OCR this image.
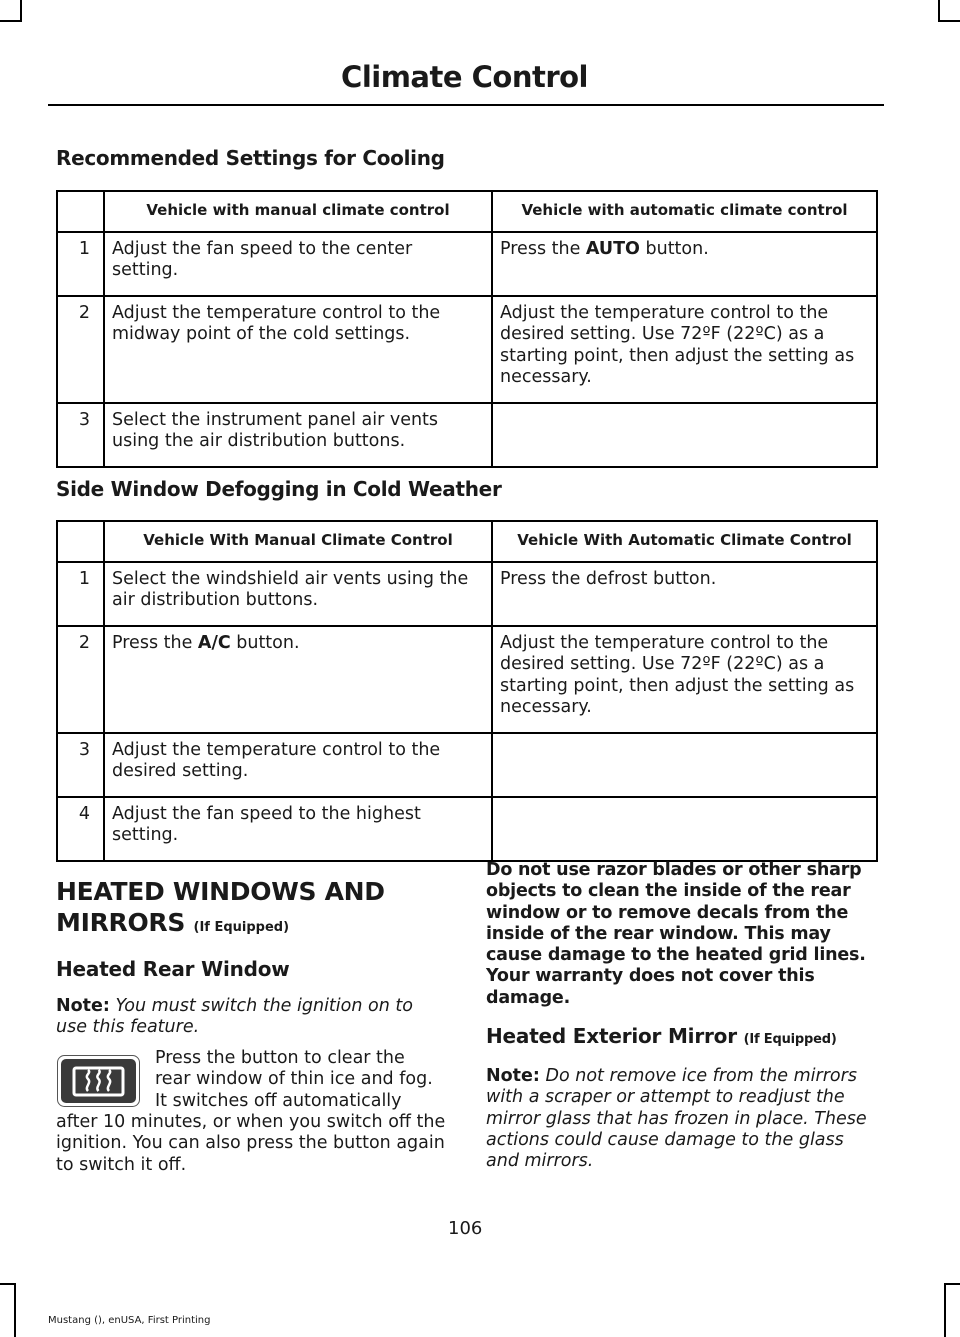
Climate Control
Recommended Settings for Cooling
	Vehicle with manual climate control	Vehicle with automatic climate control
1	Adjust the fan speed to the center setting.	Press the AUTO button.
2	Adjust the temperature control to the midway point of the cold settings.	Adjust the temperature control to the desired setting. Use 72ºF (22ºC) as a starting point, then adjust the setting as necessary.
3	Select the instrument panel air vents using the air distribution buttons.	
Side Window Defogging in Cold Weather
	Vehicle With Manual Climate Control	Vehicle With Automatic Climate Control
1	Select the windshield air vents using the air distribution buttons.	Press the defrost button.
2	Press the A/C button.	Adjust the temperature control to the desired setting. Use 72ºF (22ºC) as a starting point, then adjust the setting as necessary.
3	Adjust the temperature control to the desired setting.	
4	Adjust the fan speed to the highest setting.	
HEATED WINDOWS AND
MIRRORS (If Equipped)
Heated Rear Window
Note: You must switch the ignition on to use this feature.
Press the button to clear the
rear window of thin ice and fog.
It switches off automatically
after 10 minutes, or when you switch off the ignition. You can also press the button again to switch it off.
Do not use razor blades or other sharp objects to clean the inside of the rear window or to remove decals from the inside of the rear window. This may cause damage to the heated grid lines. Your warranty does not cover this damage.
Heated Exterior Mirror (If Equipped)
Note: Do not remove ice from the mirrors with a scraper or attempt to readjust the mirror glass that has frozen in place. These actions could cause damage to the glass and mirrors.
106
Mustang (), enUSA, First Printing
